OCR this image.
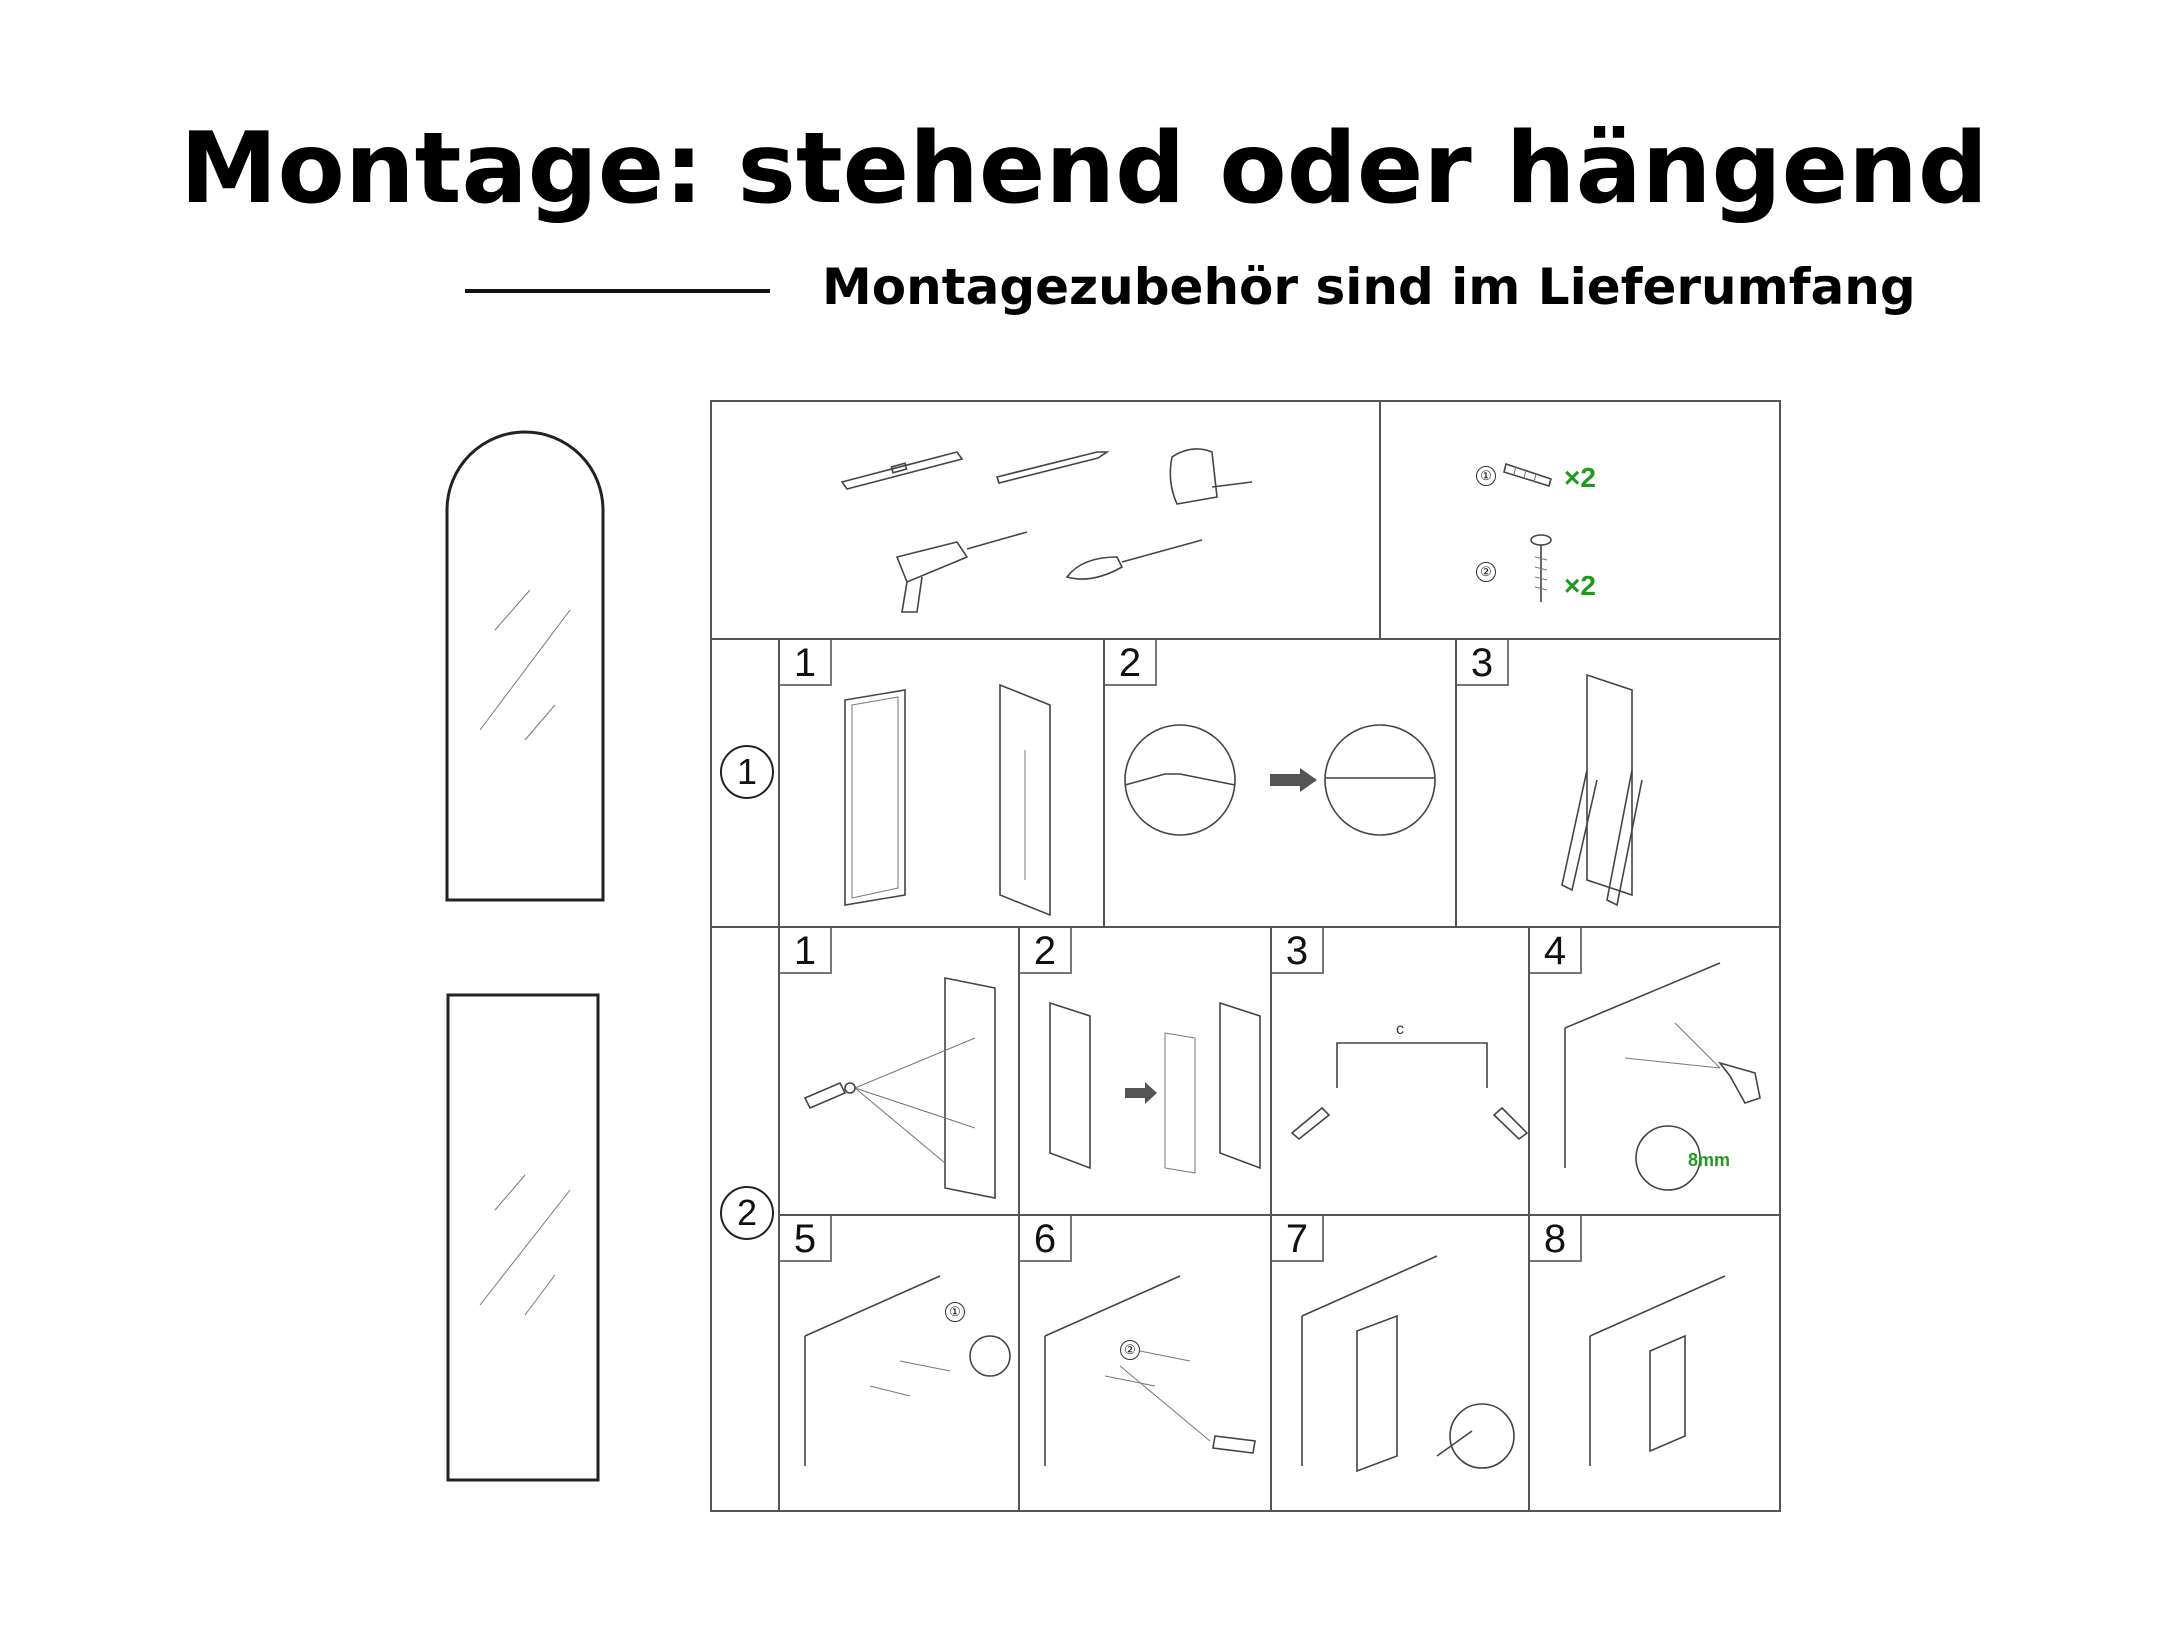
Montage: stehend oder hängend

Montagezubehör sind im Lieferumfang

①	×2
②	×2
1
1	2	3
2
1	2	3
c
4
8mm
5
①
6
②
7	8
